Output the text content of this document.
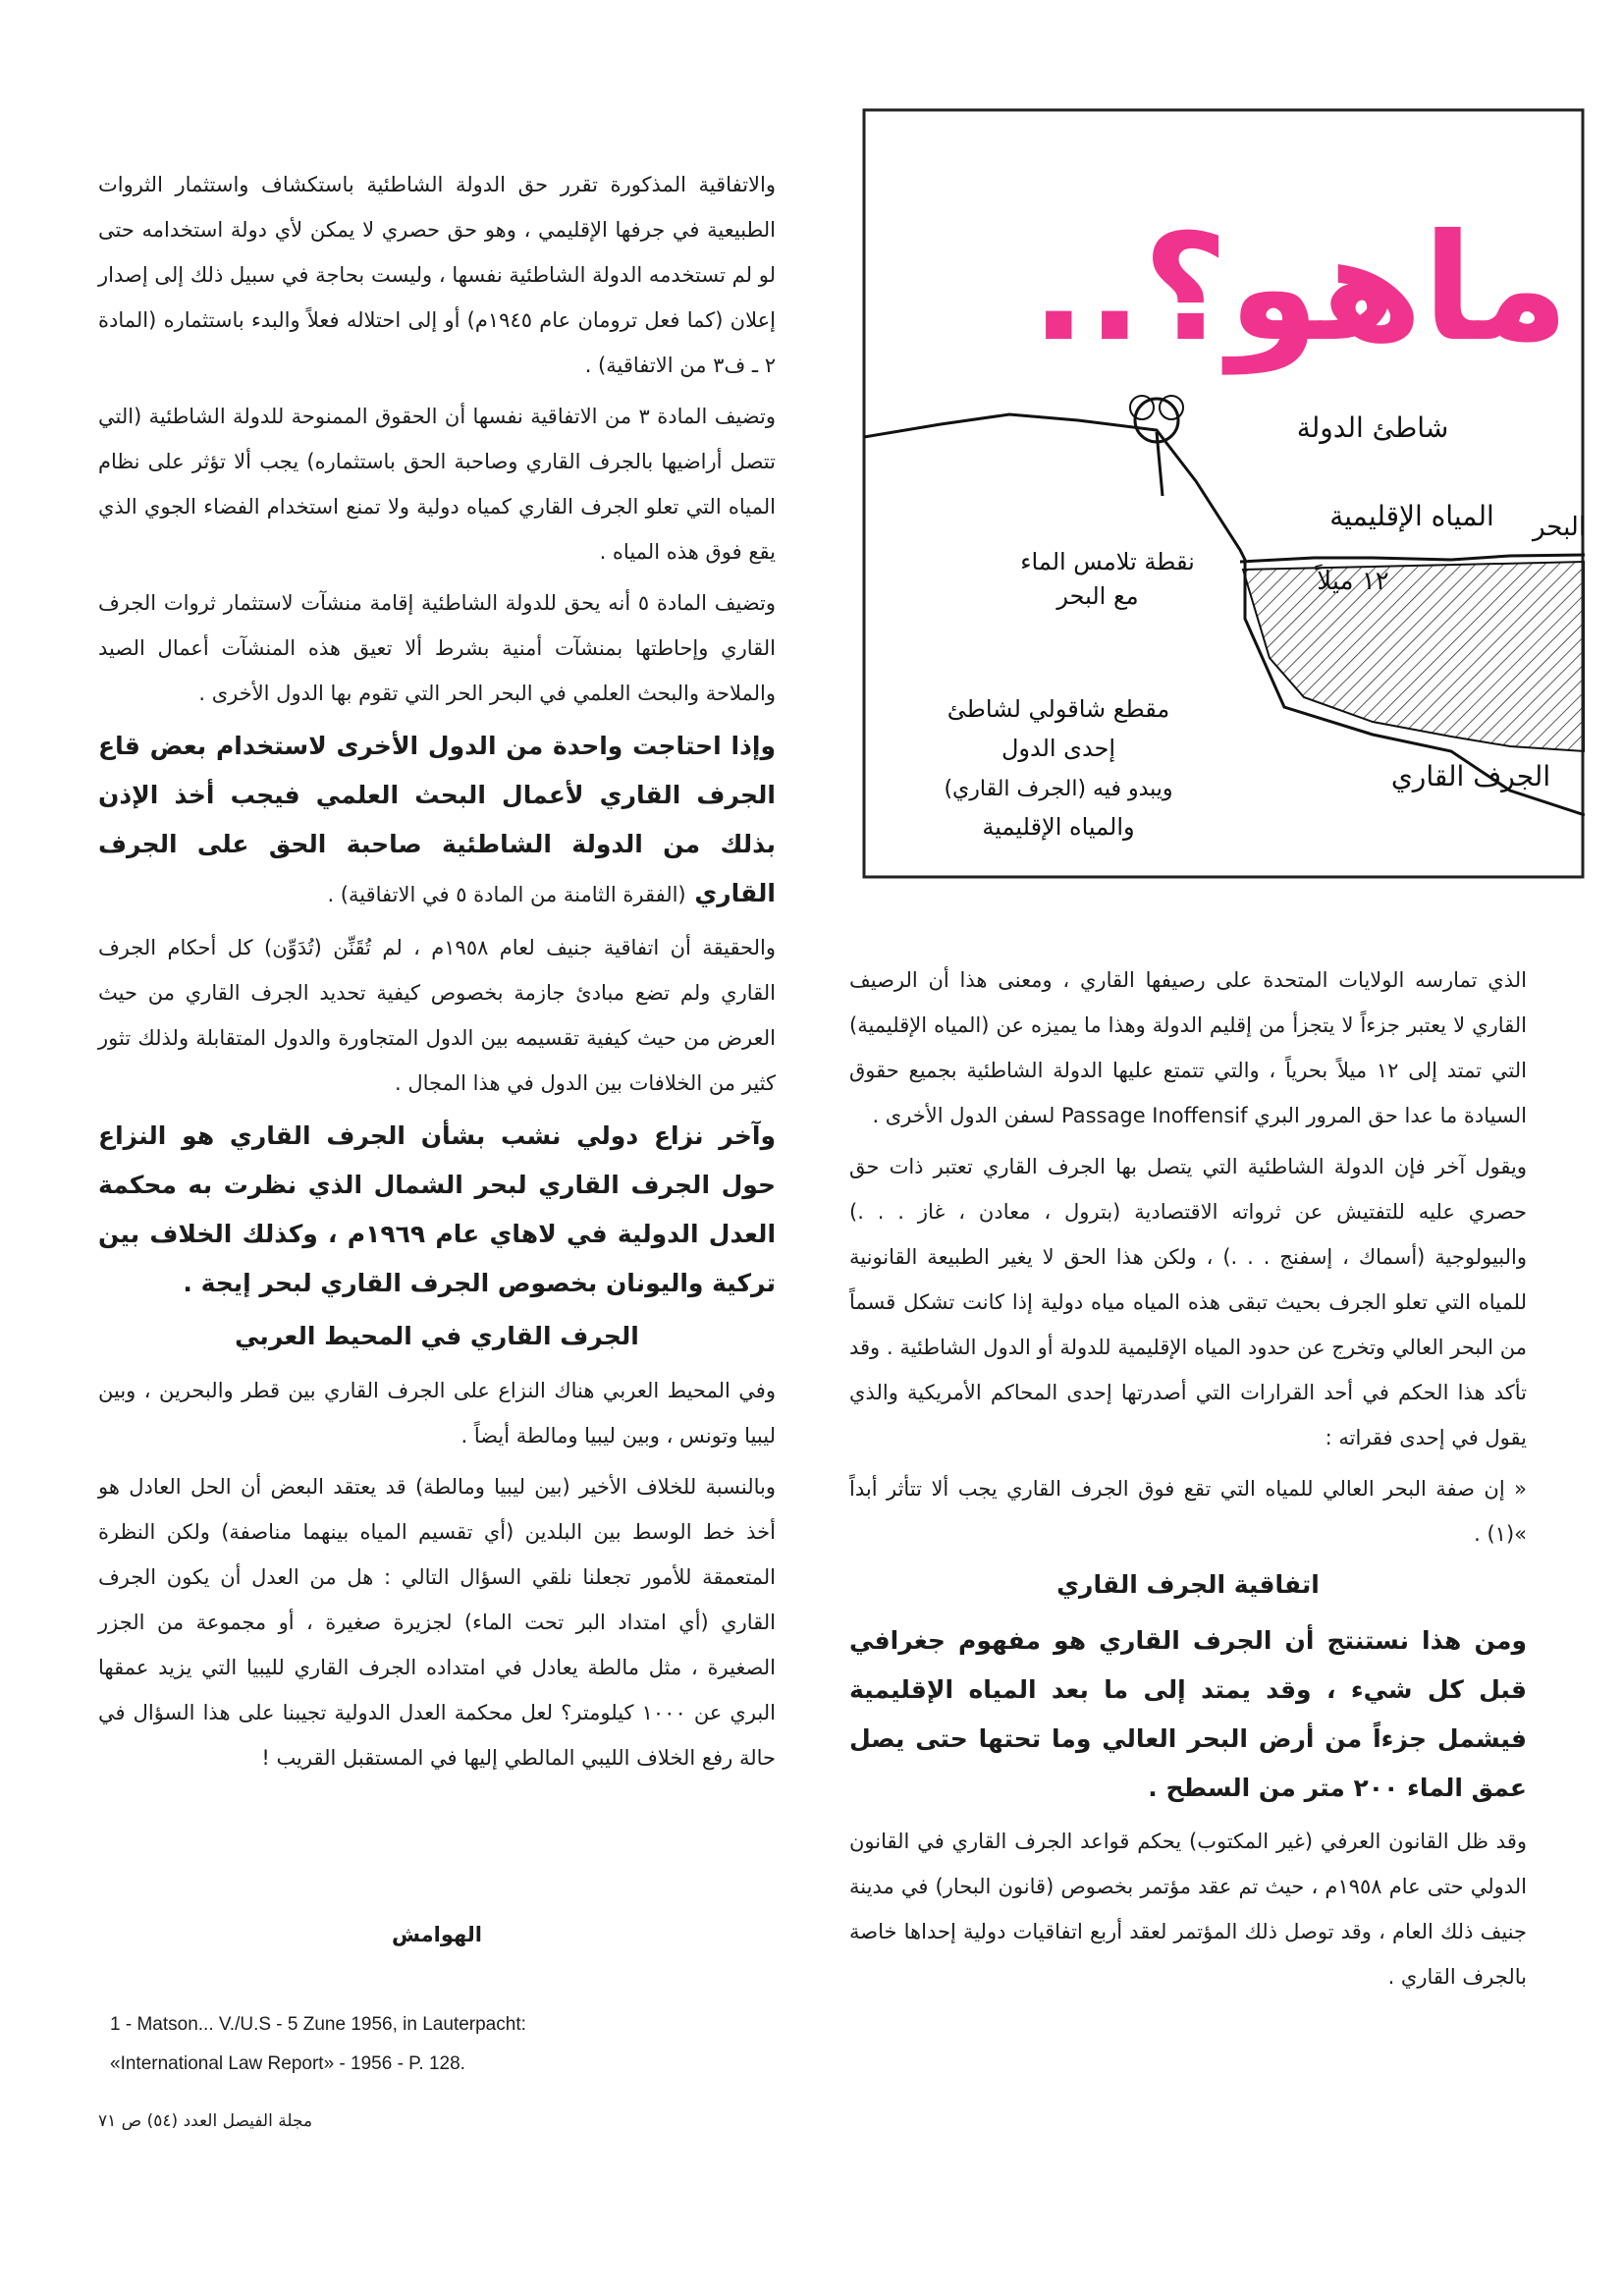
ماهو؟..
شاطئ الدولة
المياه الإقليمية البحر
نقطة تلامس الماء
مع البحر	١٢ ميلاً
الجرف القاري
مقطع شاقولي لشاطئ
إحدى الدول
ويبدو فيه (الجرف القاري)
والمياه الإقليمية

الذي تمارسه الولايات المتحدة على رصيفها القاري ، ومعنى هذا أن الرصيف القاري لا يعتبر جزءاً لا يتجزأ من إقليم الدولة وهذا ما يميزه عن (المياه الإقليمية) التي تمتد إلى ١٢ ميلاً بحرياً ، والتي تتمتع عليها الدولة الشاطئية بجميع حقوق السيادة ما عدا حق المرور البري Passage Inoffensif لسفن الدول الأخرى .

ويقول آخر فإن الدولة الشاطئية التي يتصل بها الجرف القاري تعتبر ذات حق حصري عليه للتفتيش عن ثرواته الاقتصادية (بترول ، معادن ، غاز . . .) والبيولوجية (أسماك ، إسفنج . . .) ، ولكن هذا الحق لا يغير الطبيعة القانونية للمياه التي تعلو الجرف بحيث تبقى هذه المياه مياه دولية إذا كانت تشكل قسماً من البحر العالي وتخرج عن حدود المياه الإقليمية للدولة أو الدول الشاطئية . وقد تأكد هذا الحكم في أحد القرارات التي أصدرتها إحدى المحاكم الأمريكية والذي يقول في إحدى فقراته :

« إن صفة البحر العالي للمياه التي تقع فوق الجرف القاري يجب ألا تتأثر أبداً »(١) .

اتفاقية الجرف القاري

ومن هذا نستنتج أن الجرف القاري هو مفهوم جغرافي قبل كل شيء ، وقد يمتد إلى ما بعد المياه الإقليمية فيشمل جزءاً من أرض البحر العالي وما تحتها حتى يصل عمق الماء ٢٠٠ متر من السطح .

وقد ظل القانون العرفي (غير المكتوب) يحكم قواعد الجرف القاري في القانون الدولي حتى عام ١٩٥٨م ، حيث تم عقد مؤتمر بخصوص (قانون البحار) في مدينة جنيف ذلك العام ، وقد توصل ذلك المؤتمر لعقد أربع اتفاقيات دولية إحداها خاصة بالجرف القاري .

والاتفاقية المذكورة تقرر حق الدولة الشاطئية باستكشاف واستثمار الثروات الطبيعية في جرفها الإقليمي ، وهو حق حصري لا يمكن لأي دولة استخدامه حتى لو لم تستخدمه الدولة الشاطئية نفسها ، وليست بحاجة في سبيل ذلك إلى إصدار إعلان (كما فعل ترومان عام ١٩٤٥م) أو إلى احتلاله فعلاً والبدء باستثماره (المادة ٢ ـ ف٣ من الاتفاقية) .

وتضيف المادة ٣ من الاتفاقية نفسها أن الحقوق الممنوحة للدولة الشاطئية (التي تتصل أراضيها بالجرف القاري وصاحبة الحق باستثماره) يجب ألا تؤثر على نظام المياه التي تعلو الجرف القاري كمياه دولية ولا تمنع استخدام الفضاء الجوي الذي يقع فوق هذه المياه .

وتضيف المادة ٥ أنه يحق للدولة الشاطئية إقامة منشآت لاستثمار ثروات الجرف القاري وإحاطتها بمنشآت أمنية بشرط ألا تعيق هذه المنشآت أعمال الصيد والملاحة والبحث العلمي في البحر الحر التي تقوم بها الدول الأخرى .

وإذا احتاجت واحدة من الدول الأخرى لاستخدام بعض قاع الجرف القاري لأعمال البحث العلمي فيجب أخذ الإذن بذلك من الدولة الشاطئية صاحبة الحق على الجرف القاري (الفقرة الثامنة من المادة ٥ في الاتفاقية) .

والحقيقة أن اتفاقية جنيف لعام ١٩٥٨م ، لم تُقَنِّن (تُدَوِّن) كل أحكام الجرف القاري ولم تضع مبادئ جازمة بخصوص كيفية تحديد الجرف القاري من حيث العرض من حيث كيفية تقسيمه بين الدول المتجاورة والدول المتقابلة ولذلك تثور كثير من الخلافات بين الدول في هذا المجال .

وآخر نزاع دولي نشب بشأن الجرف القاري هو النزاع حول الجرف القاري لبحر الشمال الذي نظرت به محكمة العدل الدولية في لاهاي عام ١٩٦٩م ، وكذلك الخلاف بين تركية واليونان بخصوص الجرف القاري لبحر إيجة .

الجرف القاري في المحيط العربي

وفي المحيط العربي هناك النزاع على الجرف القاري بين قطر والبحرين ، وبين ليبيا وتونس ، وبين ليبيا ومالطة أيضاً .

وبالنسبة للخلاف الأخير (بين ليبيا ومالطة) قد يعتقد البعض أن الحل العادل هو أخذ خط الوسط بين البلدين (أي تقسيم المياه بينهما مناصفة) ولكن النظرة المتعمقة للأمور تجعلنا نلقي السؤال التالي : هل من العدل أن يكون الجرف القاري (أي امتداد البر تحت الماء) لجزيرة صغيرة ، أو مجموعة من الجزر الصغيرة ، مثل مالطة يعادل في امتداده الجرف القاري لليبيا التي يزيد عمقها البري عن ١٠٠٠ كيلومتر؟ لعل محكمة العدل الدولية تجيبنا على هذا السؤال في حالة رفع الخلاف الليبي المالطي إليها في المستقبل القريب !

الهوامش
1 - Matson... V./U.S - 5 Zune 1956, in Lauterpacht:
«International Law Report» - 1956 - P. 128.
مجلة الفيصل العدد (٥٤) ص ٧١
